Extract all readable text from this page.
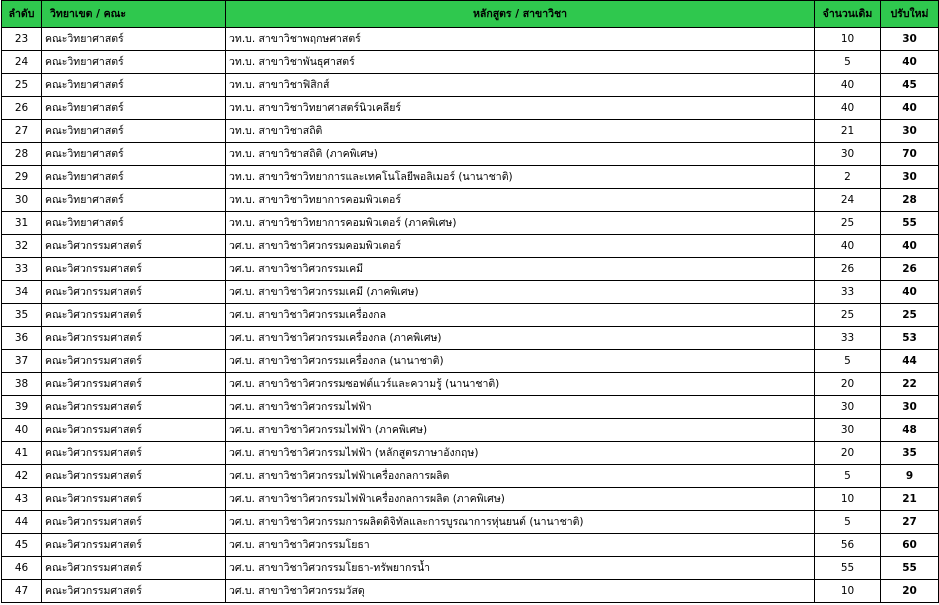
ลำดับ	วิทยาเขต / คณะ	หลักสูตร / สาขาวิชา	จำนวนเดิม	ปรับใหม่
23	คณะวิทยาศาสตร์	วท.บ. สาขาวิชาพฤกษศาสตร์	10	30
24	คณะวิทยาศาสตร์	วท.บ. สาขาวิชาพันธุศาสตร์	5	40
25	คณะวิทยาศาสตร์	วท.บ. สาขาวิชาฟิสิกส์	40	45
26	คณะวิทยาศาสตร์	วท.บ. สาขาวิชาวิทยาศาสตร์นิวเคลียร์	40	40
27	คณะวิทยาศาสตร์	วท.บ. สาขาวิชาสถิติ	21	30
28	คณะวิทยาศาสตร์	วท.บ. สาขาวิชาสถิติ (ภาคพิเศษ)	30	70
29	คณะวิทยาศาสตร์	วท.บ. สาขาวิชาวิทยาการและเทคโนโลยีพอลิเมอร์ (นานาชาติ)	2	30
30	คณะวิทยาศาสตร์	วท.บ. สาขาวิชาวิทยาการคอมพิวเตอร์	24	28
31	คณะวิทยาศาสตร์	วท.บ. สาขาวิชาวิทยาการคอมพิวเตอร์ (ภาคพิเศษ)	25	55
32	คณะวิศวกรรมศาสตร์	วศ.บ. สาขาวิชาวิศวกรรมคอมพิวเตอร์	40	40
33	คณะวิศวกรรมศาสตร์	วศ.บ. สาขาวิชาวิศวกรรมเคมี	26	26
34	คณะวิศวกรรมศาสตร์	วศ.บ. สาขาวิชาวิศวกรรมเคมี (ภาคพิเศษ)	33	40
35	คณะวิศวกรรมศาสตร์	วศ.บ. สาขาวิชาวิศวกรรมเครื่องกล	25	25
36	คณะวิศวกรรมศาสตร์	วศ.บ. สาขาวิชาวิศวกรรมเครื่องกล (ภาคพิเศษ)	33	53
37	คณะวิศวกรรมศาสตร์	วศ.บ. สาขาวิชาวิศวกรรมเครื่องกล (นานาชาติ)	5	44
38	คณะวิศวกรรมศาสตร์	วศ.บ. สาขาวิชาวิศวกรรมซอฟต์แวร์และความรู้ (นานาชาติ)	20	22
39	คณะวิศวกรรมศาสตร์	วศ.บ. สาขาวิชาวิศวกรรมไฟฟ้า	30	30
40	คณะวิศวกรรมศาสตร์	วศ.บ. สาขาวิชาวิศวกรรมไฟฟ้า (ภาคพิเศษ)	30	48
41	คณะวิศวกรรมศาสตร์	วศ.บ. สาขาวิชาวิศวกรรมไฟฟ้า (หลักสูตรภาษาอังกฤษ)	20	35
42	คณะวิศวกรรมศาสตร์	วศ.บ. สาขาวิชาวิศวกรรมไฟฟ้าเครื่องกลการผลิต	5	9
43	คณะวิศวกรรมศาสตร์	วศ.บ. สาขาวิชาวิศวกรรมไฟฟ้าเครื่องกลการผลิต (ภาคพิเศษ)	10	21
44	คณะวิศวกรรมศาสตร์	วศ.บ. สาขาวิชาวิศวกรรมการผลิตดิจิทัลและการบูรณาการหุ่นยนต์ (นานาชาติ)	5	27
45	คณะวิศวกรรมศาสตร์	วศ.บ. สาขาวิชาวิศวกรรมโยธา	56	60
46	คณะวิศวกรรมศาสตร์	วศ.บ. สาขาวิชาวิศวกรรมโยธา-ทรัพยากรน้ำ	55	55
47	คณะวิศวกรรมศาสตร์	วศ.บ. สาขาวิชาวิศวกรรมวัสดุ	10	20
